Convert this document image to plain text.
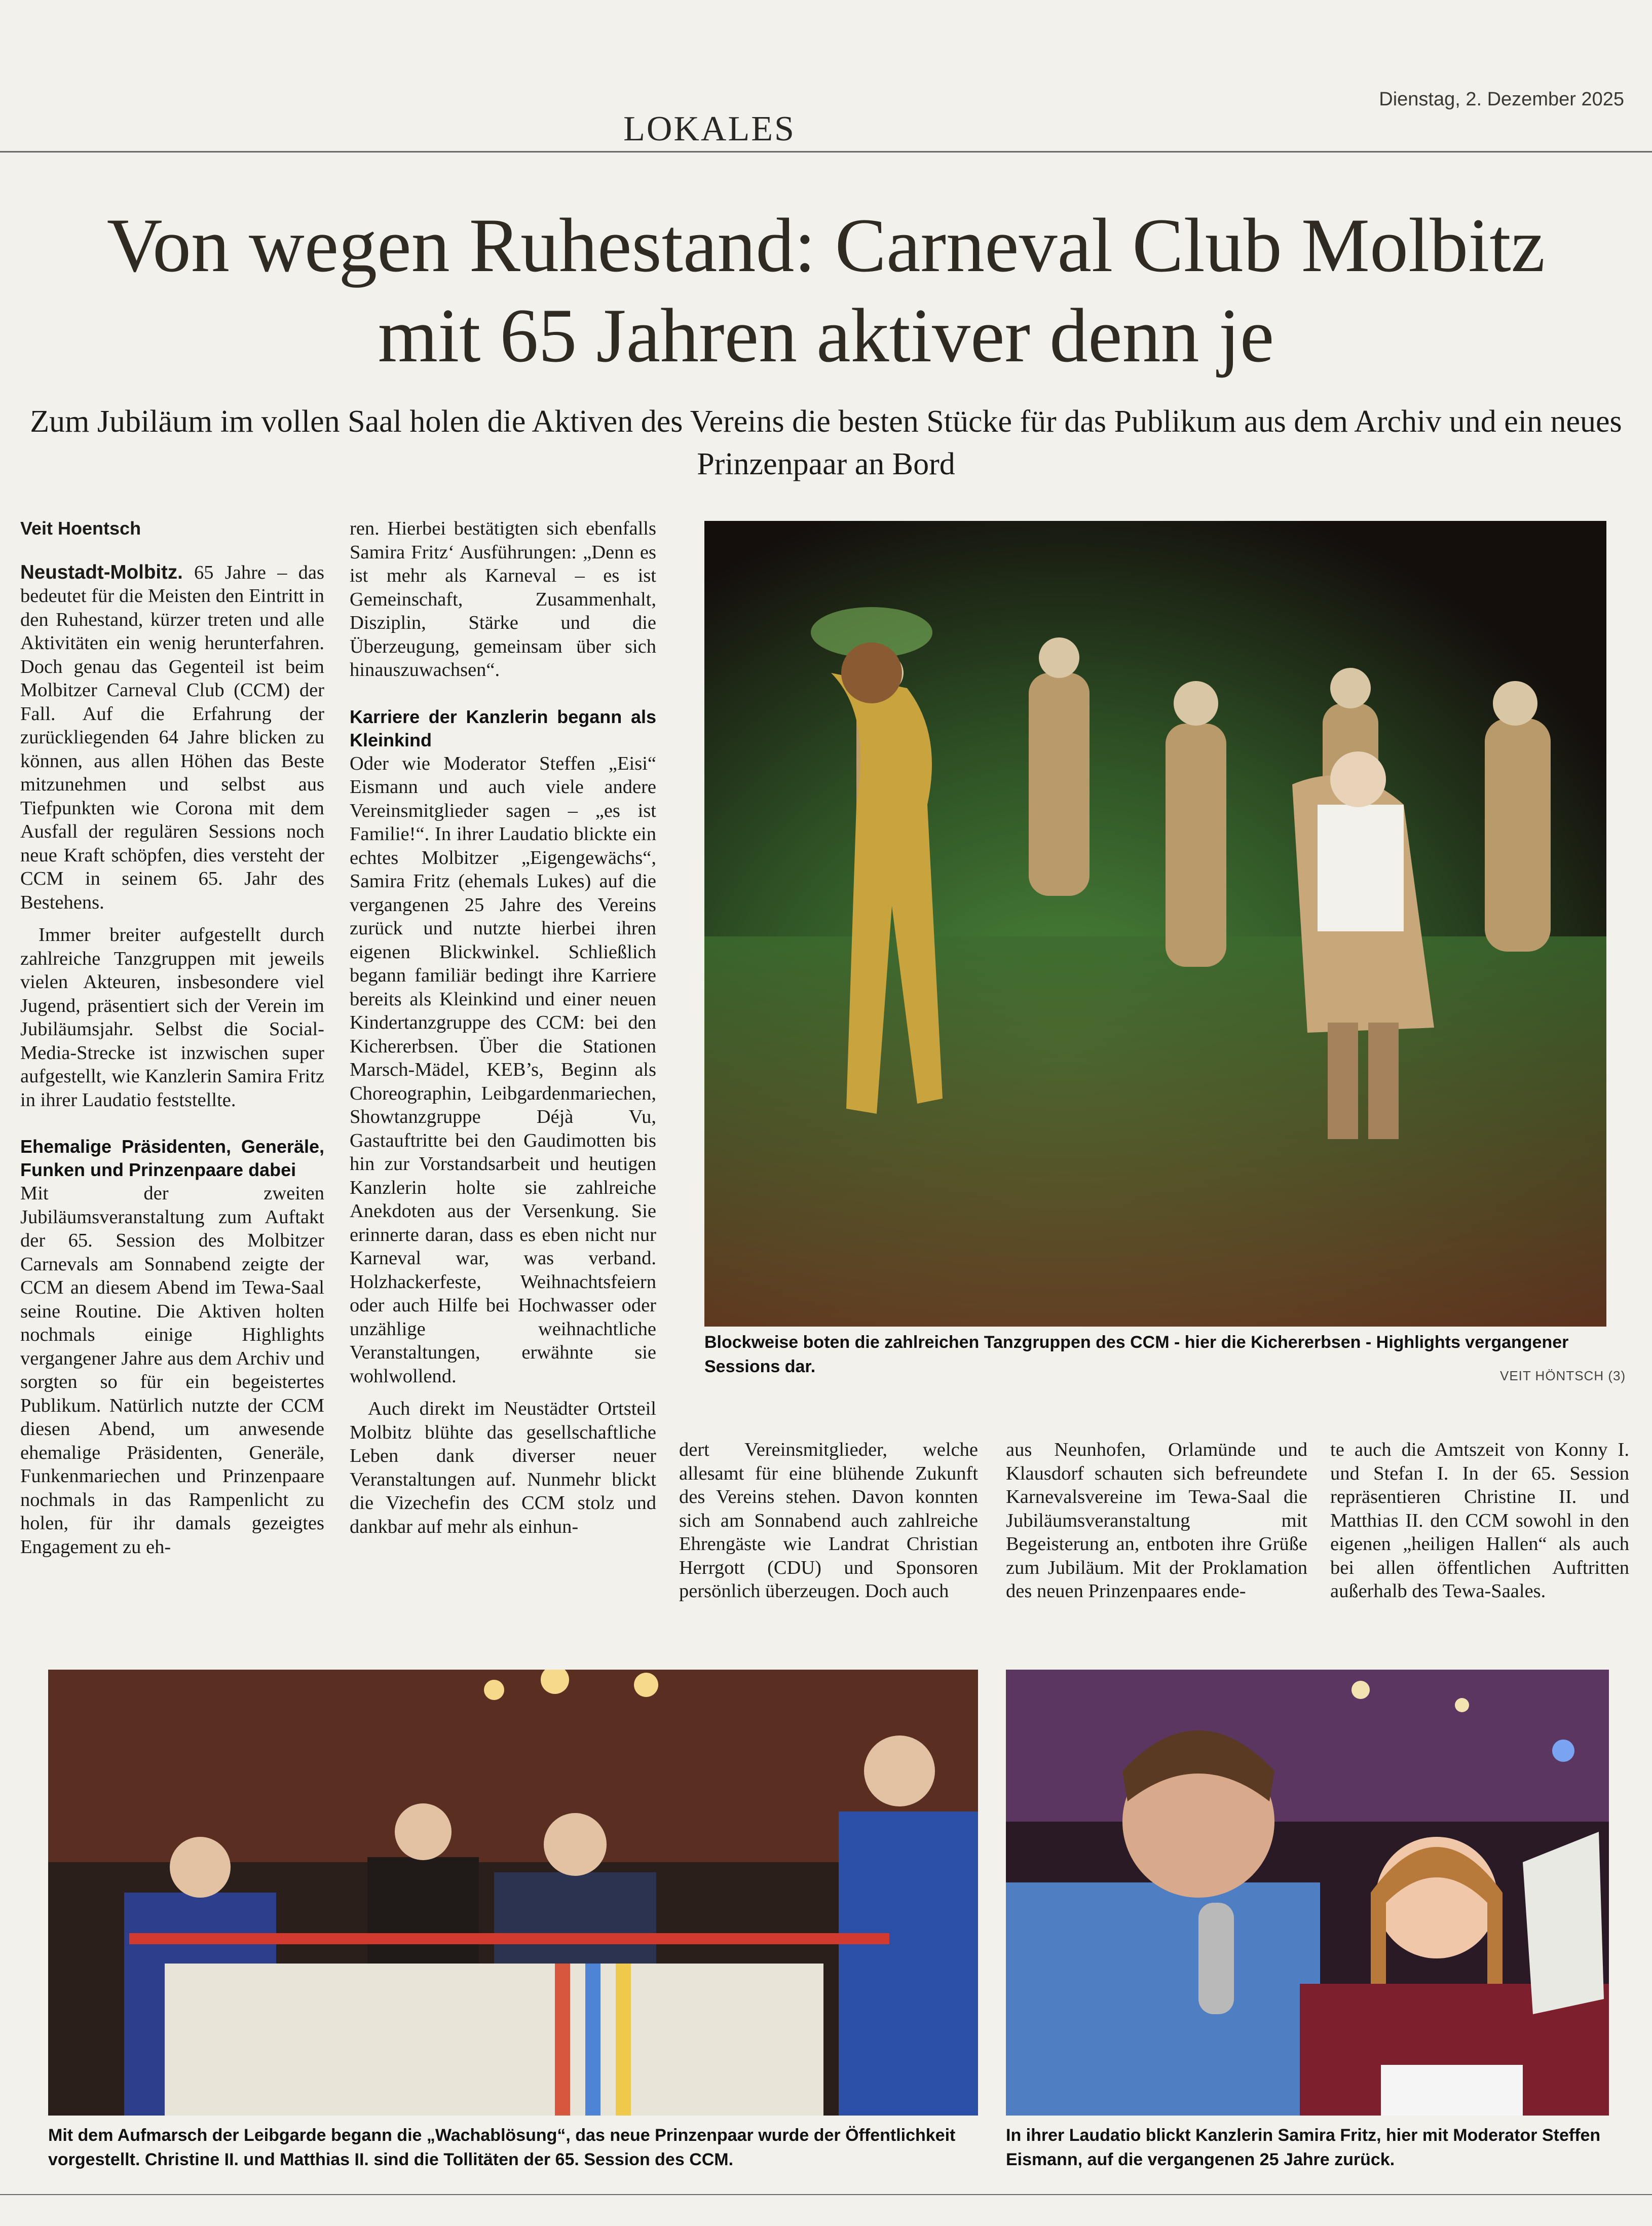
Dienstag, 2. Dezember 2025
LOKALES
Von wegen Ruhestand: Carneval Club Molbitz
mit 65 Jahren aktiver denn je
Zum Jubiläum im vollen Saal holen die Aktiven des Vereins die besten Stücke für das Publikum aus dem Archiv und ein neues Prinzenpaar an Bord

Veit Hoentsch

Neustadt-Molbitz. 65 Jahre – das bedeutet für die Meisten den Eintritt in den Ruhestand, kürzer treten und alle Aktivitäten ein wenig herunterfahren. Doch genau das Gegenteil ist beim Molbitzer Carneval Club (CCM) der Fall. Auf die Erfahrung der zurückliegenden 64 Jahre blicken zu können, aus allen Höhen das Beste mitzunehmen und selbst aus Tiefpunkten wie Corona mit dem Ausfall der regulären Sessions noch neue Kraft schöpfen, dies versteht der CCM in seinem 65. Jahr des Bestehens.

Immer breiter aufgestellt durch zahlreiche Tanzgruppen mit jeweils vielen Akteuren, insbesondere viel Jugend, präsentiert sich der Verein im Jubiläumsjahr. Selbst die Social-Media-Strecke ist inzwischen super aufgestellt, wie Kanzlerin Samira Fritz in ihrer Laudatio feststellte.

Ehemalige Präsidenten, Generäle, Funken und Prinzenpaare dabei

Mit der zweiten Jubiläumsveranstaltung zum Auftakt der 65. Session des Molbitzer Carnevals am Sonnabend zeigte der CCM an diesem Abend im Tewa-Saal seine Routine. Die Aktiven holten nochmals einige Highlights vergangener Jahre aus dem Archiv und sorgten so für ein begeistertes Publikum. Natürlich nutzte der CCM diesen Abend, um anwesende ehemalige Präsidenten, Generäle, Funkenmariechen und Prinzenpaare nochmals in das Rampenlicht zu holen, für ihr damals gezeigtes Engagement zu eh-

ren. Hierbei bestätigten sich ebenfalls Samira Fritz‘ Ausführungen: „Denn es ist mehr als Karneval – es ist Gemeinschaft, Zusammenhalt, Disziplin, Stärke und die Überzeugung, gemeinsam über sich hinauszuwachsen“.

Karriere der Kanzlerin begann als Kleinkind

Oder wie Moderator Steffen „Eisi“ Eismann und auch viele andere Vereinsmitglieder sagen – „es ist Familie!“. In ihrer Laudatio blickte ein echtes Molbitzer „Eigengewächs“, Samira Fritz (ehemals Lukes) auf die vergangenen 25 Jahre des Vereins zurück und nutzte hierbei ihren eigenen Blickwinkel. Schließlich begann familiär bedingt ihre Karriere bereits als Kleinkind und einer neuen Kindertanzgruppe des CCM: bei den Kichererbsen. Über die Stationen Marsch-Mädel, KEB’s, Beginn als Choreographin, Leibgardenmariechen, Showtanzgruppe Déjà Vu, Gastauftritte bei den Gaudimotten bis hin zur Vorstandsarbeit und heutigen Kanzlerin holte sie zahlreiche Anekdoten aus der Versenkung. Sie erinnerte daran, dass es eben nicht nur Karneval war, was verband. Holzhackerfeste, Weihnachtsfeiern oder auch Hilfe bei Hochwasser oder unzählige weihnachtliche Veranstaltungen, erwähnte sie wohlwollend.

Auch direkt im Neustädter Ortsteil Molbitz blühte das gesellschaftliche Leben dank diverser neuer Veranstaltungen auf. Nunmehr blickt die Vizechefin des CCM stolz und dankbar auf mehr als einhun-

Blockweise boten die zahlreichen Tanzgruppen des CCM - hier die Kichererbsen - Highlights vergangener Sessions dar.	VEIT HÖNTSCH (3)

dert Vereinsmitglieder, welche allesamt für eine blühende Zukunft des Vereins stehen. Davon konnten sich am Sonnabend auch zahlreiche Ehrengäste wie Landrat Christian Herrgott (CDU) und Sponsoren persönlich überzeugen. Doch auch

aus Neunhofen, Orlamünde und Klausdorf schauten sich befreundete Karnevalsvereine im Tewa-Saal die Jubiläumsveranstaltung mit Begeisterung an, entboten ihre Grüße zum Jubiläum. Mit der Proklamation des neuen Prinzenpaares ende-

te auch die Amtszeit von Konny I. und Stefan I. In der 65. Session repräsentieren Christine II. und Matthias II. den CCM sowohl in den eigenen „heiligen Hallen“ als auch bei allen öffentlichen Auftritten außerhalb des Tewa-Saales.

Mit dem Aufmarsch der Leibgarde begann die „Wachablösung“, das neue Prinzenpaar wurde der Öffentlichkeit vorgestellt. Christine II. und Matthias II. sind die Tollitäten der 65. Session des CCM.
In ihrer Laudatio blickt Kanzlerin Samira Fritz, hier mit Moderator Steffen Eismann, auf die vergangenen 25 Jahre zurück.
